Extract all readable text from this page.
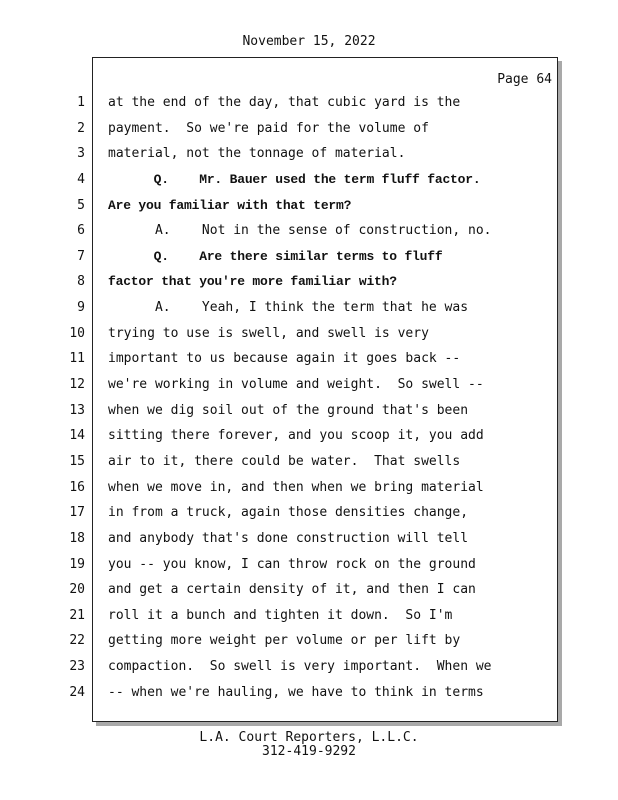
November 15, 2022
Page 64
1 at the end of the day, that cubic yard is the
2 payment.  So we're paid for the volume of
3 material, not the tonnage of material.
4 Q.    Mr. Bauer used the term fluff factor.
5 Are you familiar with that term?
6 A.    Not in the sense of construction, no.
7 Q.    Are there similar terms to fluff
8 factor that you're more familiar with?
9 A.    Yeah, I think the term that he was
10 trying to use is swell, and swell is very
11 important to us because again it goes back --
12 we're working in volume and weight.  So swell --
13 when we dig soil out of the ground that's been
14 sitting there forever, and you scoop it, you add
15 air to it, there could be water.  That swells
16 when we move in, and then when we bring material
17 in from a truck, again those densities change,
18 and anybody that's done construction will tell
19 you -- you know, I can throw rock on the ground
20 and get a certain density of it, and then I can
21 roll it a bunch and tighten it down.  So I'm
22 getting more weight per volume or per lift by
23 compaction.  So swell is very important.  When we
24 -- when we're hauling, we have to think in terms
L.A. Court Reporters, L.L.C.
312-419-9292
